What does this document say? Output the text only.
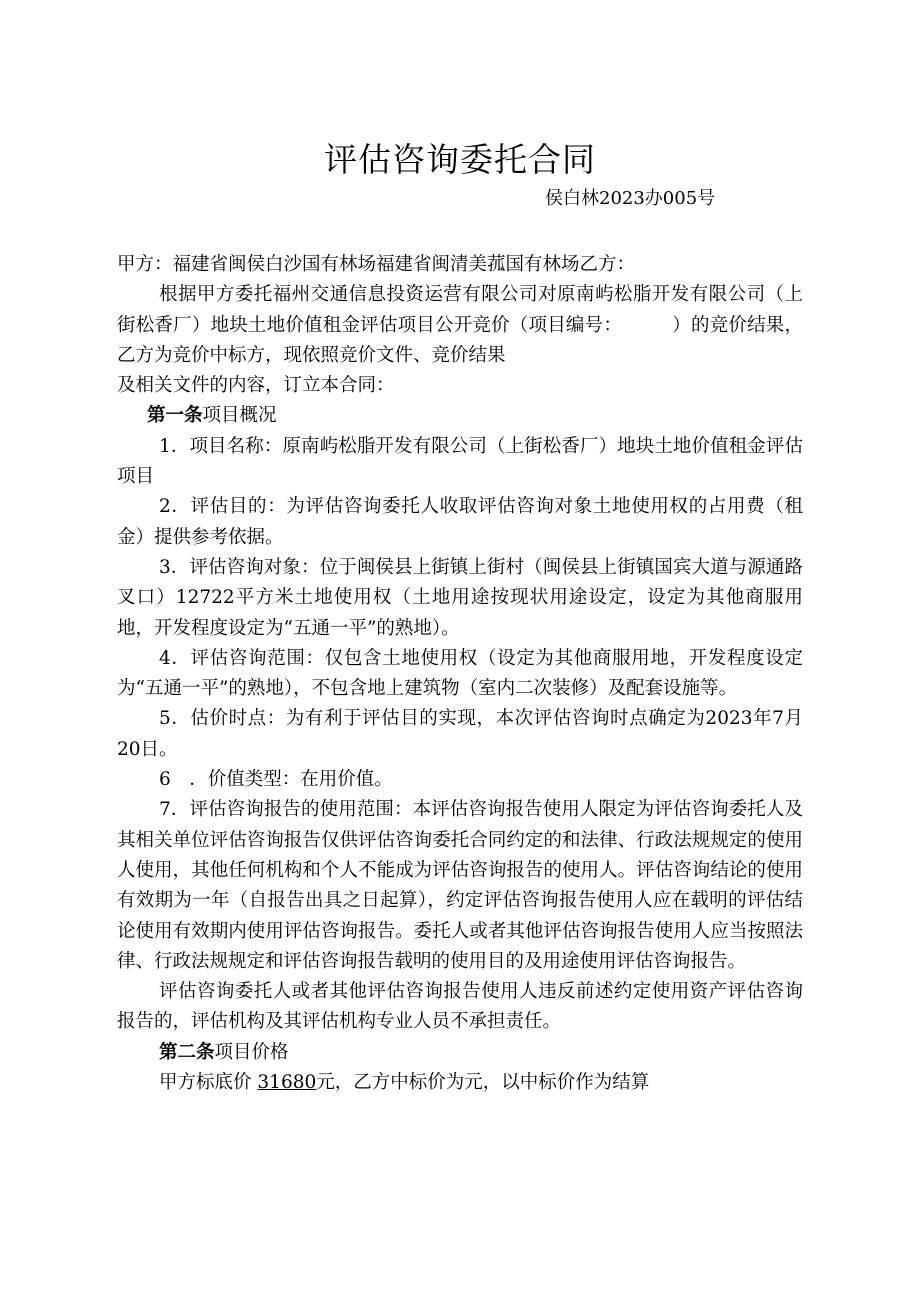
评估咨询委托合同
侯白林2023办005号

甲方：福建省闽侯白沙国有林场福建省闽清美菰国有林场乙方：

根据甲方委托福州交通信息投资运营有限公司对原南屿松脂开发有限公司（上街松香厂）地块土地价值租金评估项目公开竞价（项目编号：	）的竞价结果，乙方为竞价中标方，现依照竞价文件、竞价结果

及相关文件的内容，订立本合同：

第一条项目概况

1．项目名称：原南屿松脂开发有限公司（上街松香厂）地块土地价值租金评估项目

2．评估目的：为评估咨询委托人收取评估咨询对象土地使用权的占用费（租金）提供参考依据。

3．评估咨询对象：位于闽侯县上街镇上街村（闽侯县上街镇国宾大道与源通路叉口）12722平方米土地使用权（土地用途按现状用途设定，设定为其他商服用地，开发程度设定为“五通一平”的熟地）。

4．评估咨询范围：仅包含土地使用权（设定为其他商服用地，开发程度设定为“五通一平”的熟地），不包含地上建筑物（室内二次装修）及配套设施等。

5．估价时点：为有利于评估目的实现，本次评估咨询时点确定为2023年7月20日。

6　．价值类型：在用价值。

7．评估咨询报告的使用范围：本评估咨询报告使用人限定为评估咨询委托人及其相关单位评估咨询报告仅供评估咨询委托合同约定的和法律、行政法规规定的使用人使用，其他任何机构和个人不能成为评估咨询报告的使用人。评估咨询结论的使用有效期为一年（自报告出具之日起算），约定评估咨询报告使用人应在载明的评估结论使用有效期内使用评估咨询报告。委托人或者其他评估咨询报告使用人应当按照法律、行政法规规定和评估咨询报告载明的使用目的及用途使用评估咨询报告。

评估咨询委托人或者其他评估咨询报告使用人违反前述约定使用资产评估咨询报告的，评估机构及其评估机构专业人员不承担责任。

第二条项目价格

甲方标底价 31680元，乙方中标价为元，以中标价作为结算
